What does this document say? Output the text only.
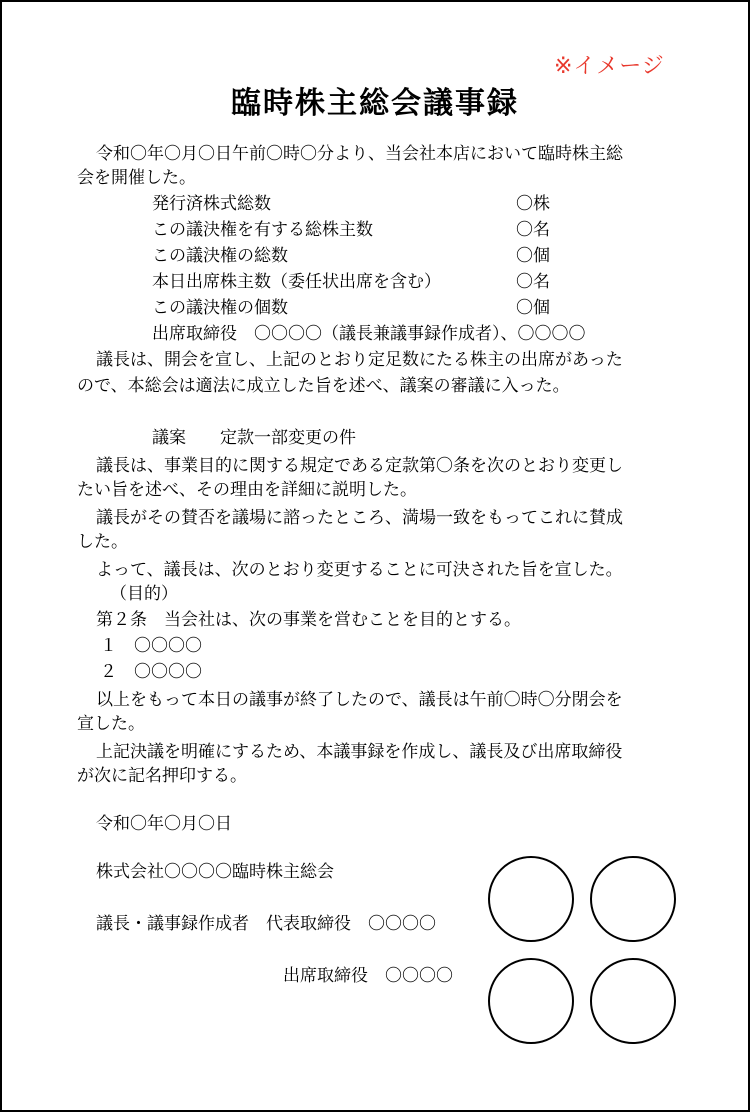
※イメージ
臨時株主総会議事録
令和〇年〇月〇日午前〇時〇分より、当会社本店において臨時株主総
会を開催した。
発行済株式総数	〇株
この議決権を有する総株主数	〇名
この議決権の総数	〇個
本日出席株主数（委任状出席を含む）	〇名
この議決権の個数	〇個
出席取締役　〇〇〇〇（議長兼議事録作成者）、〇〇〇〇
議長は、開会を宣し、上記のとおり定足数にたる株主の出席があった
ので、本総会は適法に成立した旨を述べ、議案の審議に入った。
議案　　定款一部変更の件
議長は、事業目的に関する規定である定款第〇条を次のとおり変更し
たい旨を述べ、その理由を詳細に説明した。
議長がその賛否を議場に諮ったところ、満場一致をもってこれに賛成
した。
よって、議長は、次のとおり変更することに可決された旨を宣した。
（目的）
第２条　当会社は、次の事業を営むことを目的とする。
１　〇〇〇〇
２　〇〇〇〇
以上をもって本日の議事が終了したので、議長は午前〇時〇分閉会を
宣した。
上記決議を明確にするため、本議事録を作成し、議長及び出席取締役
が次に記名押印する。
令和〇年〇月〇日
株式会社〇〇〇〇臨時株主総会
議長・議事録作成者　代表取締役　〇〇〇〇
出席取締役　〇〇〇〇
